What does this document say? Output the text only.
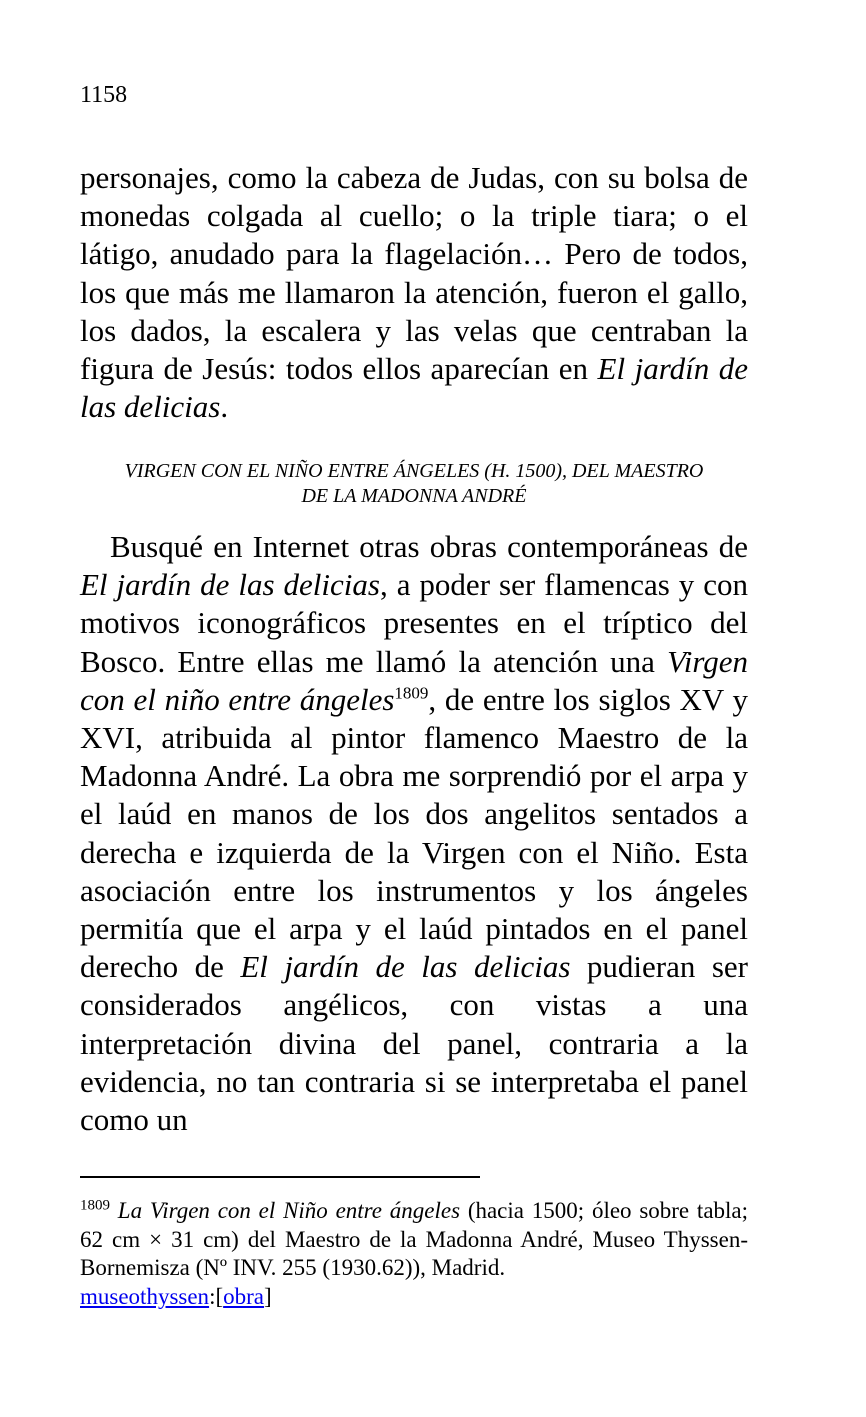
1158

personajes, como la cabeza de Judas, con su bolsa de monedas colgada al cuello; o la triple tiara; o el látigo, anudado para la flagelación… Pero de todos, los que más me llamaron la atención, fueron el gallo, los dados, la escalera y las velas que centraban la figura de Jesús: todos ellos aparecían en El jardín de las delicias.

VIRGEN CON EL NIÑO ENTRE ÁNGELES (H. 1500), DEL MAESTRO
DE LA MADONNA ANDRÉ

Busqué en Internet otras obras contemporáneas de El jardín de las delicias, a poder ser flamencas y con motivos iconográficos presentes en el tríptico del Bosco. Entre ellas me llamó la atención una Virgen con el niño entre ángeles$^{1809}$, de entre los siglos XV y XVI, atribuida al pintor flamenco Maestro de la Madonna André. La obra me sorprendió por el arpa y el laúd en manos de los dos angelitos sentados a derecha e izquierda de la Virgen con el Niño. Esta asociación entre los instrumentos y los ángeles permitía que el arpa y el laúd pintados en el panel derecho de El jardín de las delicias pudieran ser considerados angélicos, con vistas a una interpretación divina del panel, contraria a la evidencia, no tan contraria si se interpretaba el panel como un

$^{1809}$ La Virgen con el Niño entre ángeles (hacia 1500; óleo sobre tabla; 62 cm × 31 cm) del Maestro de la Madonna André, Museo Thyssen-Bornemisza (Nº INV. 255 (1930.62)), Madrid.
museothyssen:[obra]
